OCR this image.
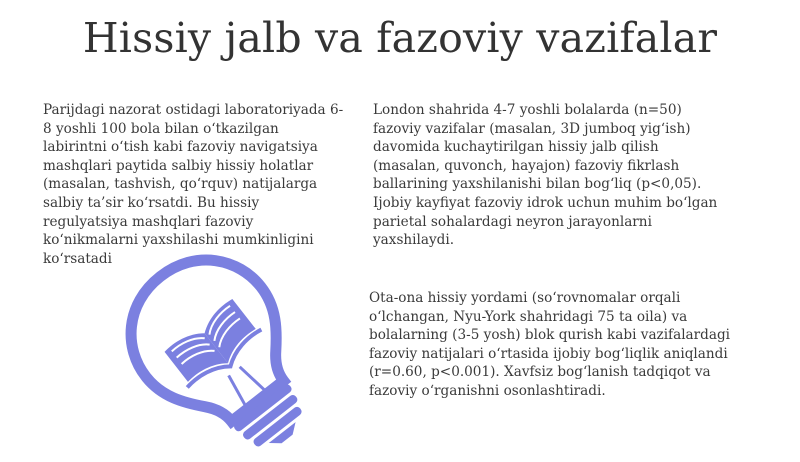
Hissiy jalb va fazoviy vazifalar

Parijdagi nazorat ostidagi laboratoriyada 6-8 yoshli 100 bola bilan o‘tkazilgan labirintni o‘tish kabi fazoviy navigatsiya mashqlari paytida salbiy hissiy holatlar (masalan, tashvish, qo‘rquv) natijalarga salbiy ta’sir ko‘rsatdi. Bu hissiy regulyatsiya mashqlari fazoviy ko‘nikmalarni yaxshilashi mumkinligini ko‘rsatadi

London shahrida 4-7 yoshli bolalarda (n=50) fazoviy vazifalar (masalan, 3D jumboq yig‘ish) davomida kuchaytirilgan hissiy jalb qilish (masalan, quvonch, hayajon) fazoviy fikrlash ballarining yaxshilanishi bilan bog‘liq (p<0,05). Ijobiy kayfiyat fazoviy idrok uchun muhim bo‘lgan parietal sohalardagi neyron jarayonlarni yaxshilaydi.

Ota-ona hissiy yordami (so‘rovnomalar orqali o‘lchangan, Nyu-York shahridagi 75 ta oila) va bolalarning (3-5 yosh) blok qurish kabi vazifalardagi fazoviy natijalari o‘rtasida ijobiy bog‘liqlik aniqlandi (r=0.60, p<0.001). Xavfsiz bog‘lanish tadqiqot va fazoviy o‘rganishni osonlashtiradi.
